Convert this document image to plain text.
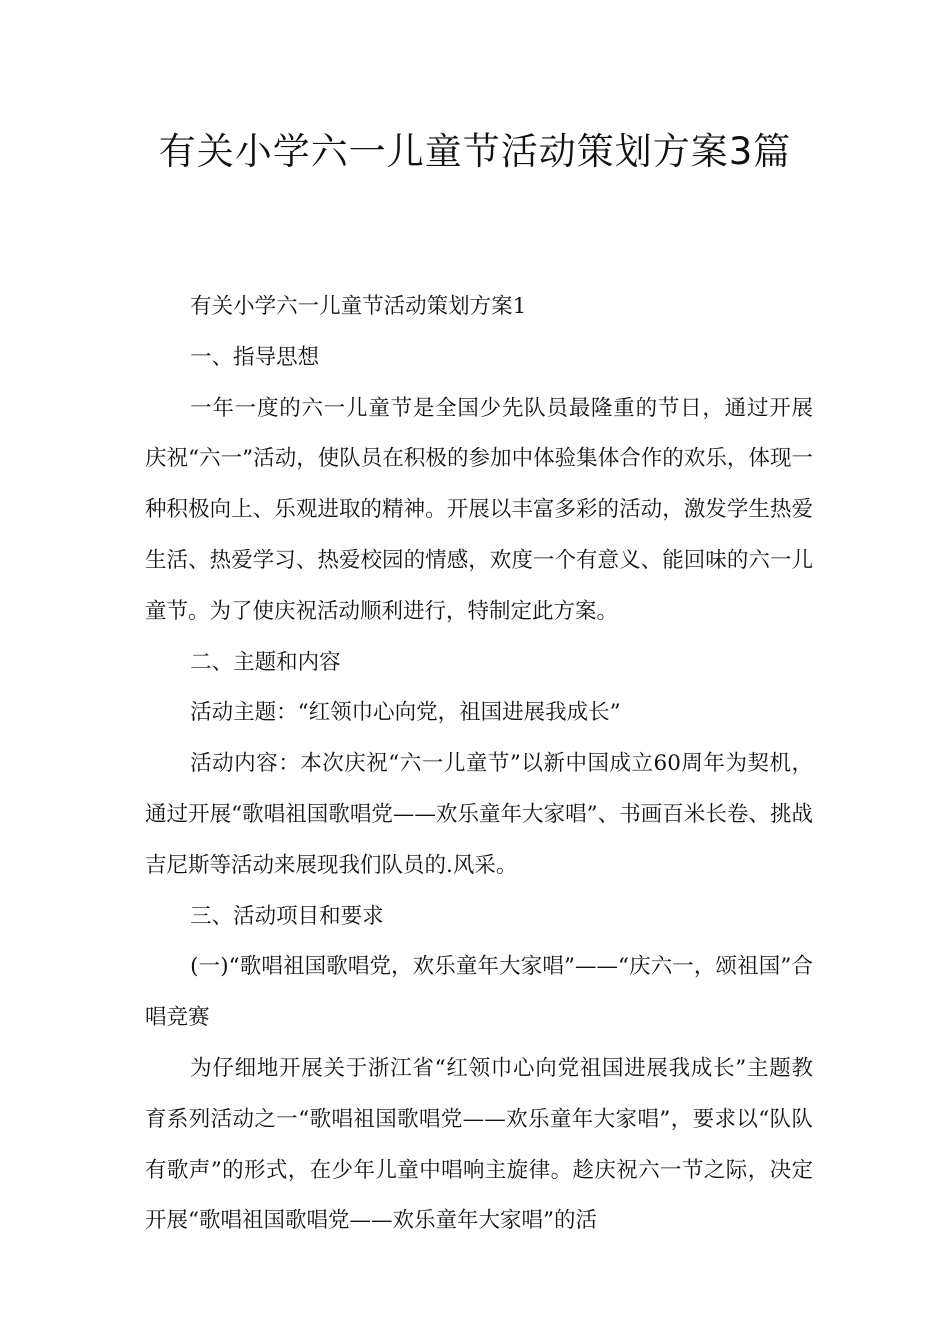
有关小学六一儿童节活动策划方案3篇

有关小学六一儿童节活动策划方案1

一、指导思想

一年一度的六一儿童节是全国少先队员最隆重的节日，通过开展庆祝“六一”活动，使队员在积极的参加中体验集体合作的欢乐，体现一种积极向上、乐观进取的精神。开展以丰富多彩的活动，激发学生热爱生活、热爱学习、热爱校园的情感，欢度一个有意义、能回味的六一儿童节。为了使庆祝活动顺利进行，特制定此方案。

二、主题和内容

活动主题：“红领巾心向党，祖国进展我成长”

活动内容：本次庆祝“六一儿童节”以新中国成立60周年为契机，通过开展“歌唱祖国歌唱党——欢乐童年大家唱”、书画百米长卷、挑战吉尼斯等活动来展现我们队员的.风采。

三、活动项目和要求

(一)“歌唱祖国歌唱党，欢乐童年大家唱”——“庆六一，颂祖国”合唱竞赛

为仔细地开展关于浙江省“红领巾心向党祖国进展我成长”主题教育系列活动之一“歌唱祖国歌唱党——欢乐童年大家唱”，要求以“队队有歌声”的形式，在少年儿童中唱响主旋律。趁庆祝六一节之际，决定开展“歌唱祖国歌唱党——欢乐童年大家唱”的活
